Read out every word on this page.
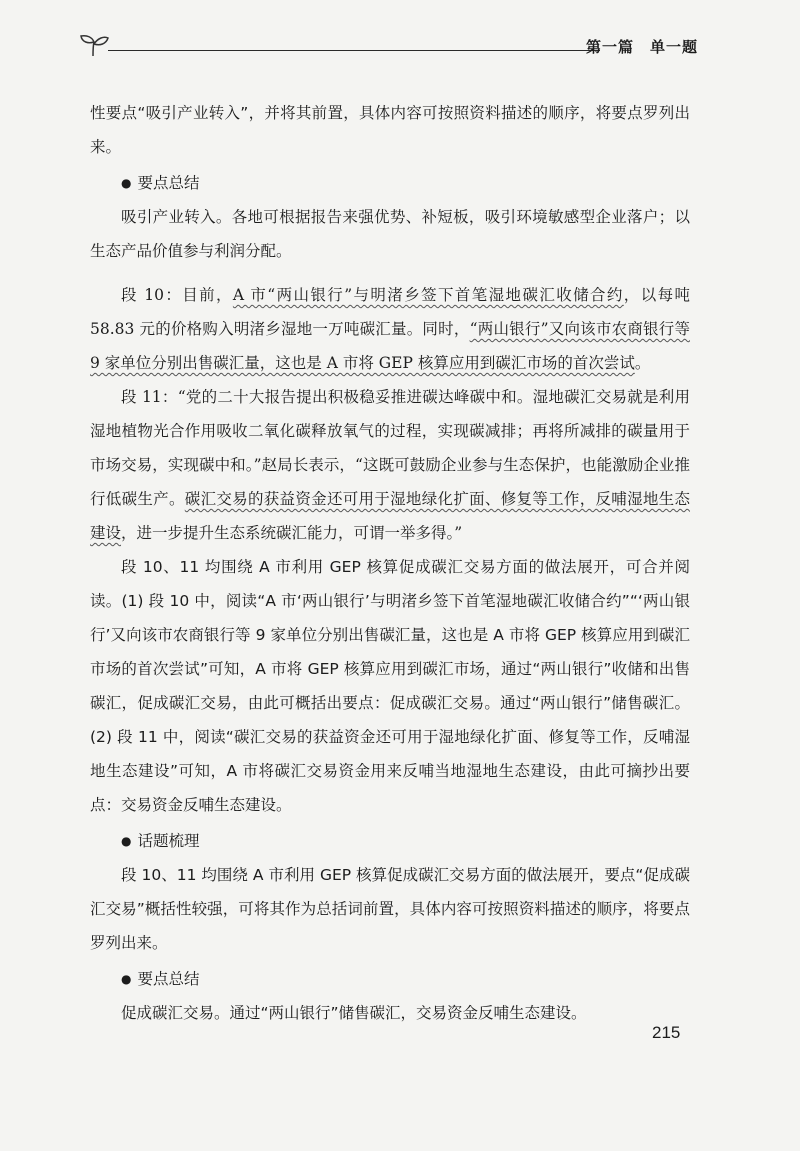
第一篇　单一题

性要点“吸引产业转入”，并将其前置，具体内容可按照资料描述的顺序，将要点罗列出来。

● 要点总结

吸引产业转入。各地可根据报告来强优势、补短板，吸引环境敏感型企业落户；以生态产品价值参与利润分配。

段 10：目前，A 市“两山银行”与明渚乡签下首笔湿地碳汇收储合约，以每吨 58.83 元的价格购入明渚乡湿地一万吨碳汇量。同时，“两山银行”又向该市农商银行等 9 家单位分别出售碳汇量，这也是 A 市将 GEP 核算应用到碳汇市场的首次尝试。

段 11：“党的二十大报告提出积极稳妥推进碳达峰碳中和。湿地碳汇交易就是利用湿地植物光合作用吸收二氧化碳释放氧气的过程，实现碳减排；再将所减排的碳量用于市场交易，实现碳中和。”赵局长表示，“这既可鼓励企业参与生态保护，也能激励企业推行低碳生产。碳汇交易的获益资金还可用于湿地绿化扩面、修复等工作，反哺湿地生态建设，进一步提升生态系统碳汇能力，可谓一举多得。”

段 10、11 均围绕 A 市利用 GEP 核算促成碳汇交易方面的做法展开，可合并阅读。(1) 段 10 中，阅读“A 市‘两山银行’与明渚乡签下首笔湿地碳汇收储合约”“‘两山银行’又向该市农商银行等 9 家单位分别出售碳汇量，这也是 A 市将 GEP 核算应用到碳汇市场的首次尝试”可知，A 市将 GEP 核算应用到碳汇市场，通过“两山银行”收储和出售碳汇，促成碳汇交易，由此可概括出要点：促成碳汇交易。通过“两山银行”储售碳汇。(2) 段 11 中，阅读“碳汇交易的获益资金还可用于湿地绿化扩面、修复等工作，反哺湿地生态建设”可知，A 市将碳汇交易资金用来反哺当地湿地生态建设，由此可摘抄出要点：交易资金反哺生态建设。

● 话题梳理

段 10、11 均围绕 A 市利用 GEP 核算促成碳汇交易方面的做法展开，要点“促成碳汇交易”概括性较强，可将其作为总括词前置，具体内容可按照资料描述的顺序，将要点罗列出来。

● 要点总结

促成碳汇交易。通过“两山银行”储售碳汇，交易资金反哺生态建设。

215
